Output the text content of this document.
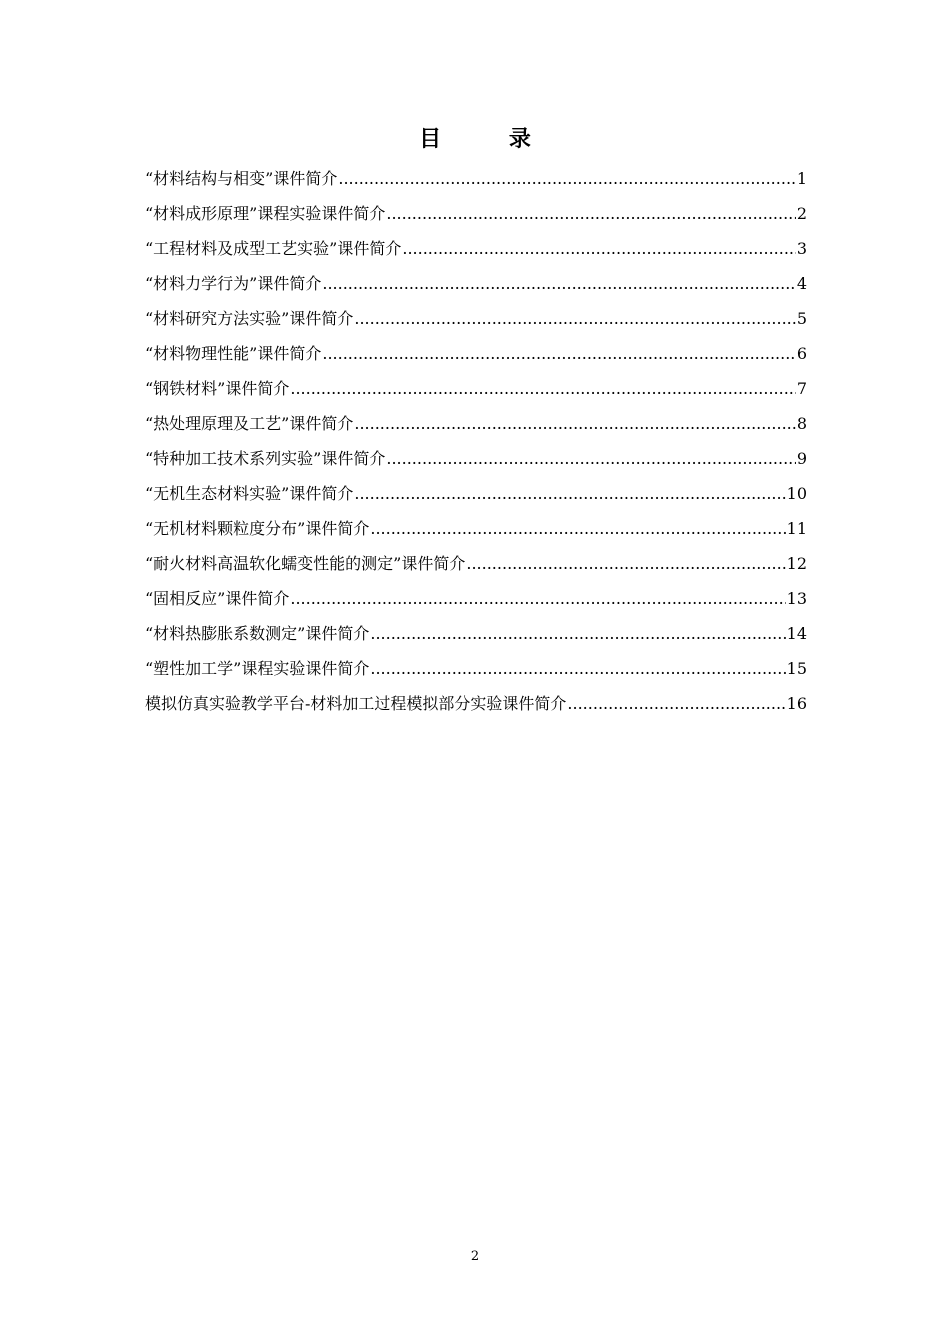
目 录
“材料结构与相变”课件简介 .....	1
“材料成形原理”课程实验课件简介 .....	2
“工程材料及成型工艺实验”课件简介 .....	3
“材料力学行为”课件简介 .....	4
“材料研究方法实验”课件简介 .....	5
“材料物理性能”课件简介 .....	6
“钢铁材料”课件简介 .....	7
“热处理原理及工艺”课件简介 .....	8
“特种加工技术系列实验”课件简介 .....	9
“无机生态材料实验”课件简介 .....	10
“无机材料颗粒度分布”课件简介 .....	11
“耐火材料高温软化蠕变性能的测定”课件简介 .....	12
“固相反应”课件简介 .....	13
“材料热膨胀系数测定”课件简介 .....	14
“塑性加工学”课程实验课件简介 .....	15
模拟仿真实验教学平台-材料加工过程模拟部分实验课件简介 .....	16
2
